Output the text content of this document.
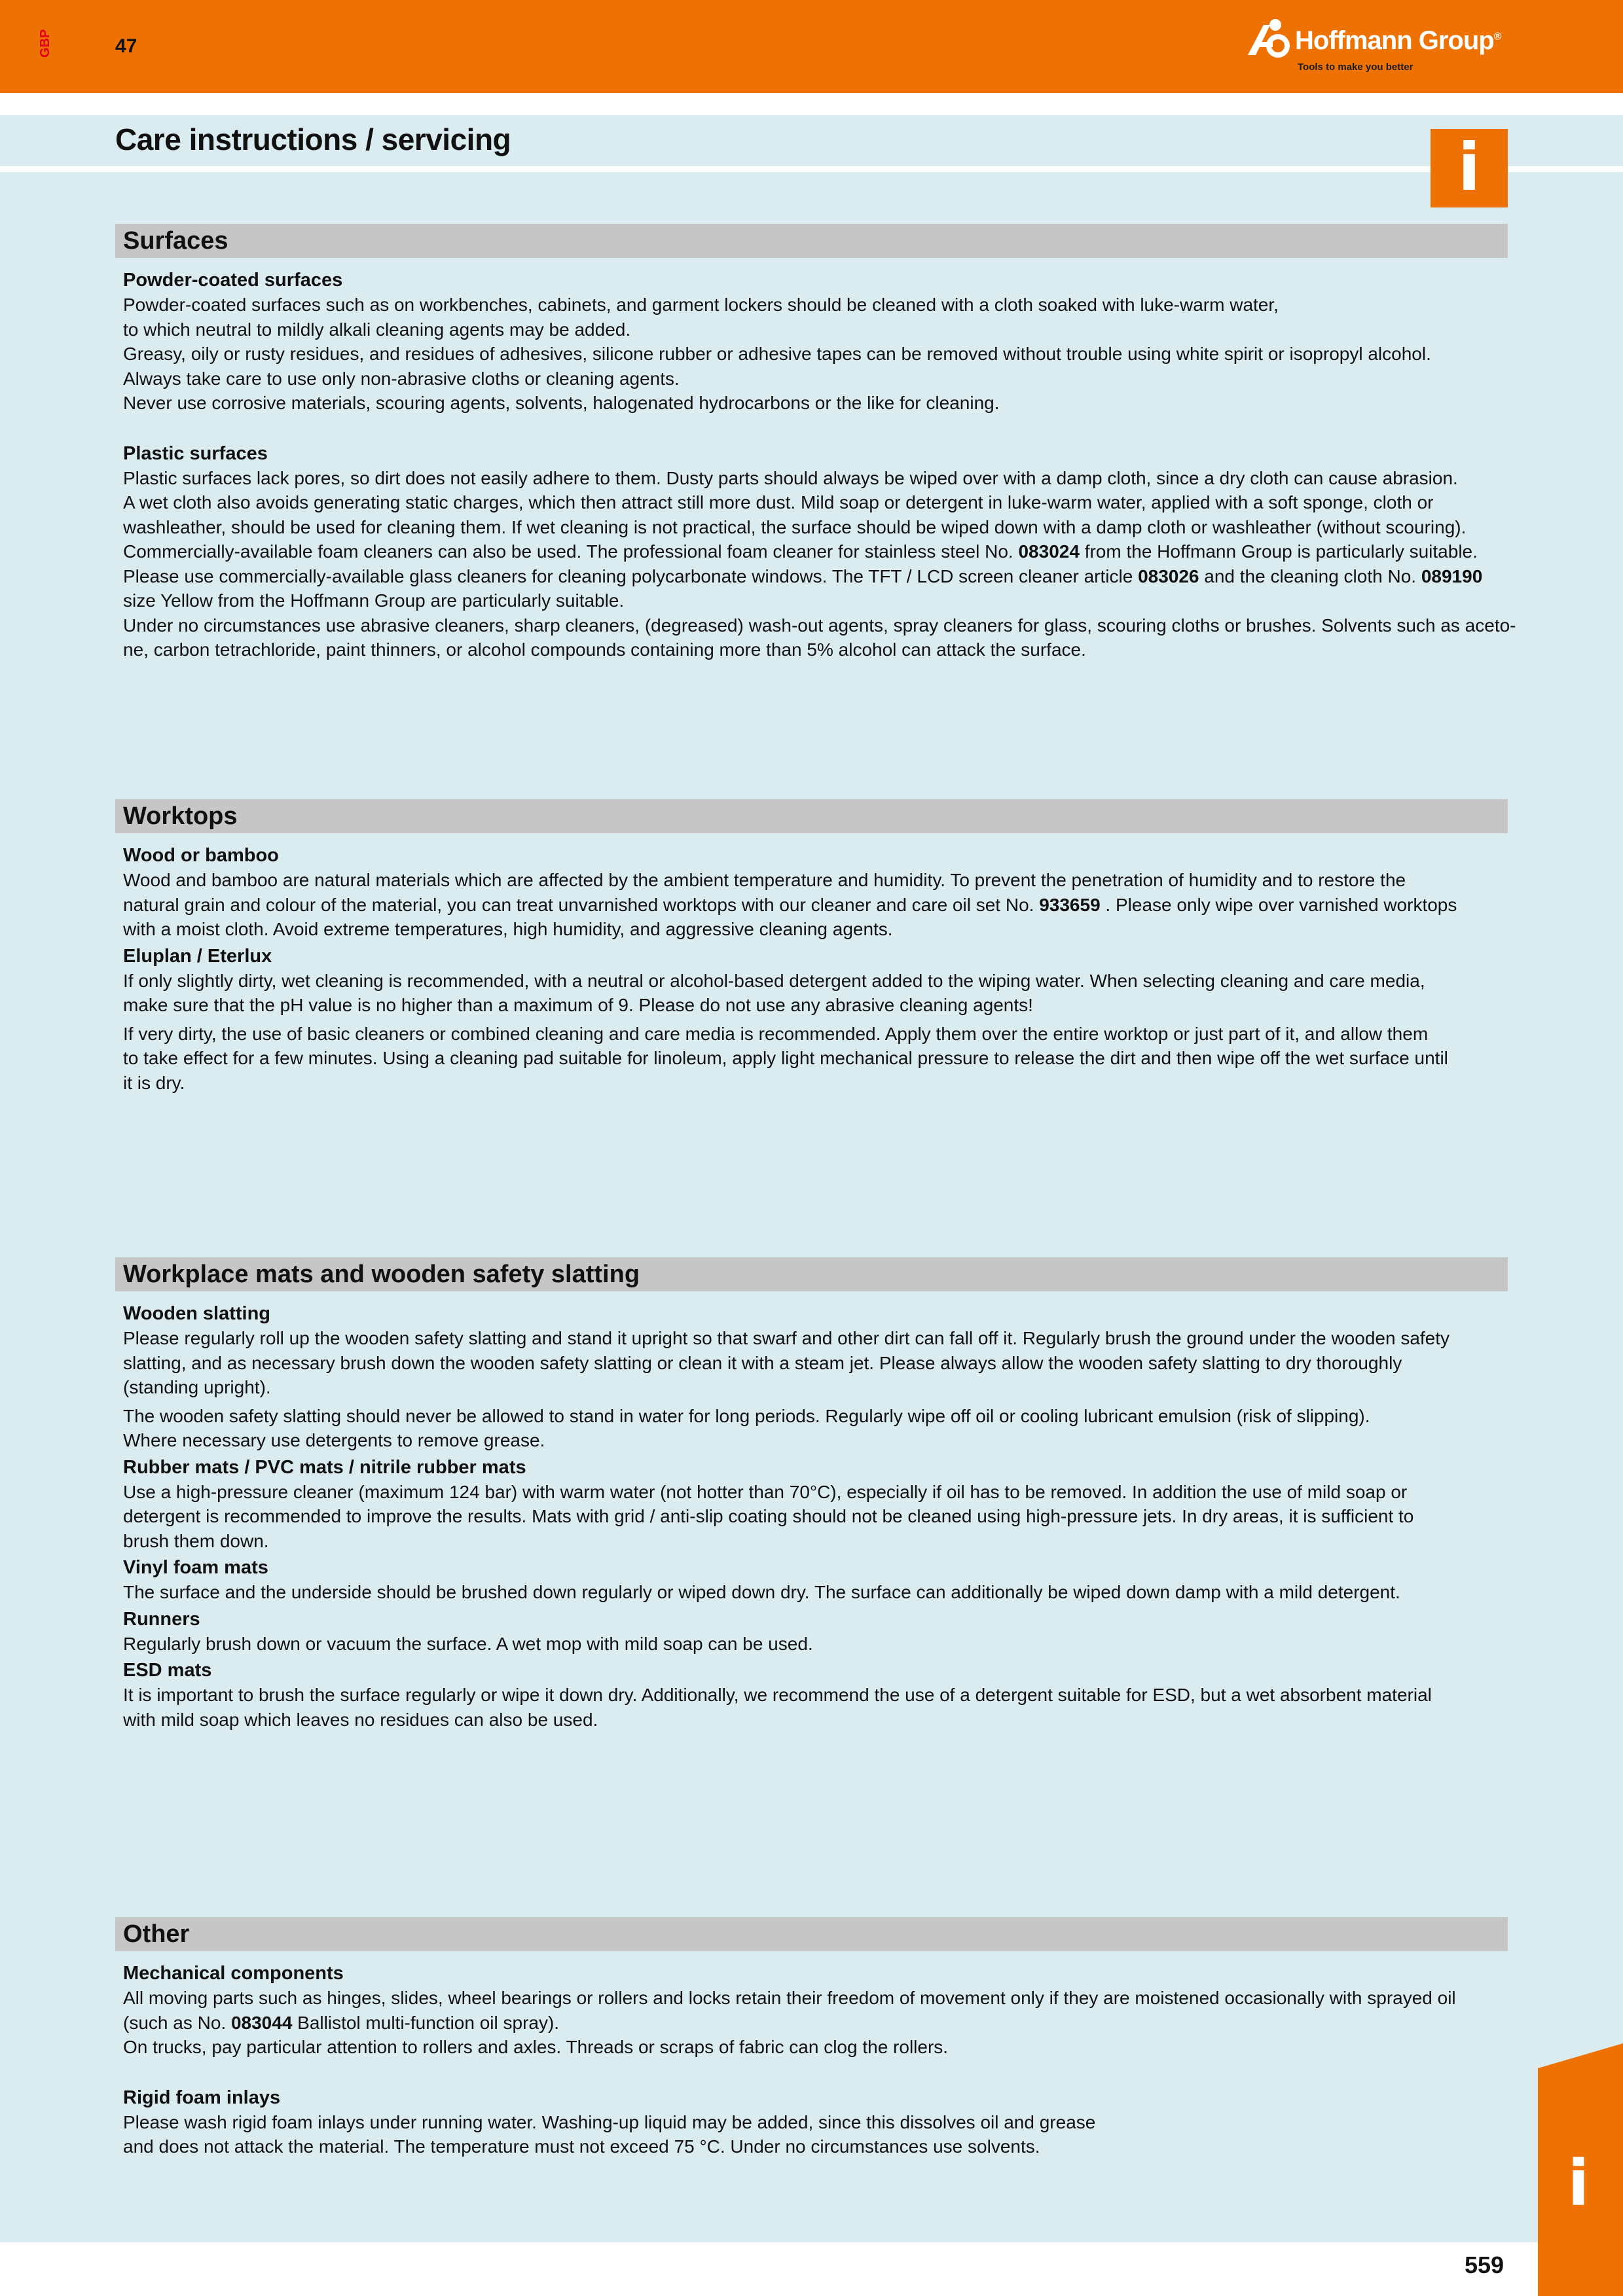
GBP	47	Hoffmann Group®
Tools to make you better
Care instructions / servicing	i
Surfaces
Powder-coated surfaces
Powder-coated surfaces such as on workbenches, cabinets, and garment lockers should be cleaned with a cloth soaked with luke-warm water,
to which neutral to mildly alkali cleaning agents may be added.
Greasy, oily or rusty residues, and residues of adhesives, silicone rubber or adhesive tapes can be removed without trouble using white spirit or isopropyl alcohol.
Always take care to use only non-abrasive cloths or cleaning agents.
Never use corrosive materials, scouring agents, solvents, halogenated hydrocarbons or the like for cleaning.
Plastic surfaces
Plastic surfaces lack pores, so dirt does not easily adhere to them. Dusty parts should always be wiped over with a damp cloth, since a dry cloth can cause abrasion.
A wet cloth also avoids generating static charges, which then attract still more dust. Mild soap or detergent in luke-warm water, applied with a soft sponge, cloth or
washleather, should be used for cleaning them. If wet cleaning is not practical, the surface should be wiped down with a damp cloth or washleather (without scouring).
Commercially-available foam cleaners can also be used. The professional foam cleaner for stainless steel No. 083024 from the Hoffmann Group is particularly suitable.
Please use commercially-available glass cleaners for cleaning polycarbonate windows. The TFT / LCD screen cleaner article 083026 and the cleaning cloth No. 089190
size Yellow from the Hoffmann Group are particularly suitable.
Under no circumstances use abrasive cleaners, sharp cleaners, (degreased) wash-out agents, spray cleaners for glass, scouring cloths or brushes. Solvents such as aceto-
ne, carbon tetrachloride, paint thinners, or alcohol compounds containing more than 5% alcohol can attack the surface.
Worktops
Wood or bamboo
Wood and bamboo are natural materials which are affected by the ambient temperature and humidity. To prevent the penetration of humidity and to restore the
natural grain and colour of the material, you can treat unvarnished worktops with our cleaner and care oil set No. 933659 . Please only wipe over varnished worktops
with a moist cloth. Avoid extreme temperatures, high humidity, and aggressive cleaning agents.
Eluplan / Eterlux
If only slightly dirty, wet cleaning is recommended, with a neutral or alcohol-based detergent added to the wiping water. When selecting cleaning and care media,
make sure that the pH value is no higher than a maximum of 9. Please do not use any abrasive cleaning agents!
If very dirty, the use of basic cleaners or combined cleaning and care media is recommended. Apply them over the entire worktop or just part of it, and allow them
to take effect for a few minutes. Using a cleaning pad suitable for linoleum, apply light mechanical pressure to release the dirt and then wipe off the wet surface until
it is dry.
Workplace mats and wooden safety slatting
Wooden slatting
Please regularly roll up the wooden safety slatting and stand it upright so that swarf and other dirt can fall off it. Regularly brush the ground under the wooden safety
slatting, and as necessary brush down the wooden safety slatting or clean it with a steam jet. Please always allow the wooden safety slatting to dry thoroughly
(standing upright).
The wooden safety slatting should never be allowed to stand in water for long periods. Regularly wipe off oil or cooling lubricant emulsion (risk of slipping).
Where necessary use detergents to remove grease.
Rubber mats / PVC mats / nitrile rubber mats
Use a high-pressure cleaner (maximum 124 bar) with warm water (not hotter than 70°C), especially if oil has to be removed. In addition the use of mild soap or
detergent is recommended to improve the results. Mats with grid / anti-slip coating should not be cleaned using high-pressure jets. In dry areas, it is sufficient to
brush them down.
Vinyl foam mats
The surface and the underside should be brushed down regularly or wiped down dry. The surface can additionally be wiped down damp with a mild detergent.
Runners
Regularly brush down or vacuum the surface. A wet mop with mild soap can be used.
ESD mats
It is important to brush the surface regularly or wipe it down dry. Additionally, we recommend the use of a detergent suitable for ESD, but a wet absorbent material
with mild soap which leaves no residues can also be used.
Other
Mechanical components
All moving parts such as hinges, slides, wheel bearings or rollers and locks retain their freedom of movement only if they are moistened occasionally with sprayed oil
(such as No. 083044 Ballistol multi-function oil spray).
On trucks, pay particular attention to rollers and axles. Threads or scraps of fabric can clog the rollers.
Rigid foam inlays
Please wash rigid foam inlays under running water. Washing-up liquid may be added, since this dissolves oil and grease
and does not attack the material. The temperature must not exceed 75 °C. Under no circumstances use solvents.
i
559
